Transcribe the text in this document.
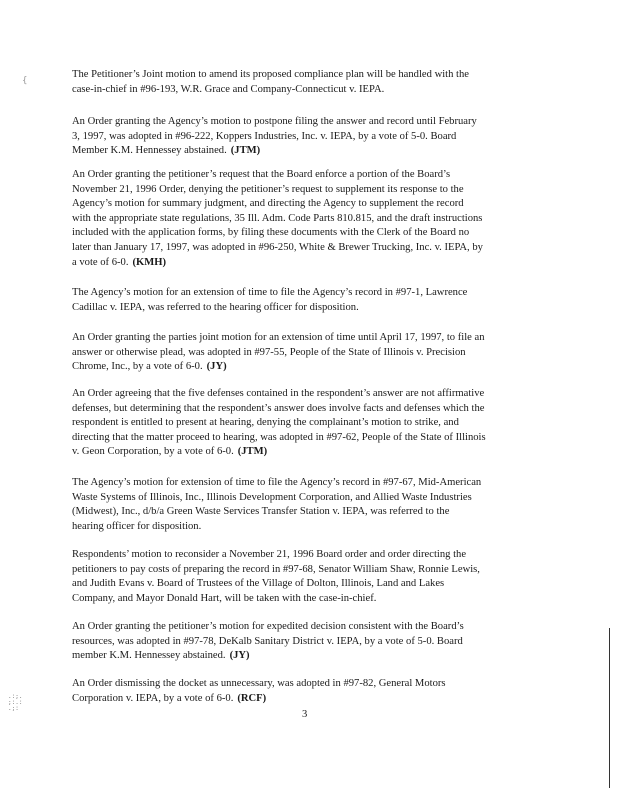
{
.:;.
;:.:
.;:
The Petitioner’s Joint motion to amend its proposed compliance plan will be handled with the
case-in-chief in #96-193, W.R. Grace and Company-Connecticut v. IEPA.
An Order granting the Agency’s motion to postpone filing the answer and record until February
3, 1997, was adopted in #96-222, Koppers Industries, Inc. v. IEPA, by a vote of 5-0. Board
Member K.M. Hennessey abstained. (JTM)
An Order granting the petitioner’s request that the Board enforce a portion of the Board’s
November 21, 1996 Order, denying the petitioner’s request to supplement its response to the
Agency’s motion for summary judgment, and directing the Agency to supplement the record
with the appropriate state regulations, 35 Ill. Adm. Code Parts 810.815, and the draft instructions
included with the application forms, by filing these documents with the Clerk of the Board no
later than January 17, 1997, was adopted in #96-250, White & Brewer Trucking, Inc. v. IEPA, by
a vote of 6-0. (KMH)
The Agency’s motion for an extension of time to file the Agency’s record in #97-1, Lawrence
Cadillac v. IEPA, was referred to the hearing officer for disposition.
An Order granting the parties joint motion for an extension of time until April 17, 1997, to file an
answer or otherwise plead, was adopted in #97-55, People of the State of Illinois v. Precision
Chrome, Inc., by a vote of 6-0. (JY)
An Order agreeing that the five defenses contained in the respondent’s answer are not affirmative
defenses, but determining that the respondent’s answer does involve facts and defenses which the
respondent is entitled to present at hearing, denying the complainant’s motion to strike, and
directing that the matter proceed to hearing, was adopted in #97-62, People of the State of Illinois
v. Geon Corporation, by a vote of 6-0. (JTM)
The Agency’s motion for extension of time to file the Agency’s record in #97-67, Mid-American
Waste Systems of Illinois, Inc., Illinois Development Corporation, and Allied Waste Industries
(Midwest), Inc., d/b/a Green Waste Services Transfer Station v. IEPA, was referred to the
hearing officer for disposition.
Respondents’ motion to reconsider a November 21, 1996 Board order and order directing the
petitioners to pay costs of preparing the record in #97-68, Senator William Shaw, Ronnie Lewis,
and Judith Evans v. Board of Trustees of the Village of Dolton, Illinois, Land and Lakes
Company, and Mayor Donald Hart, will be taken with the case-in-chief.
An Order granting the petitioner’s motion for expedited decision consistent with the Board’s
resources, was adopted in #97-78, DeKalb Sanitary District v. IEPA, by a vote of 5-0. Board
member K.M. Hennessey abstained. (JY)
An Order dismissing the docket as unnecessary, was adopted in #97-82, General Motors
Corporation v. IEPA, by a vote of 6-0. (RCF)
3
